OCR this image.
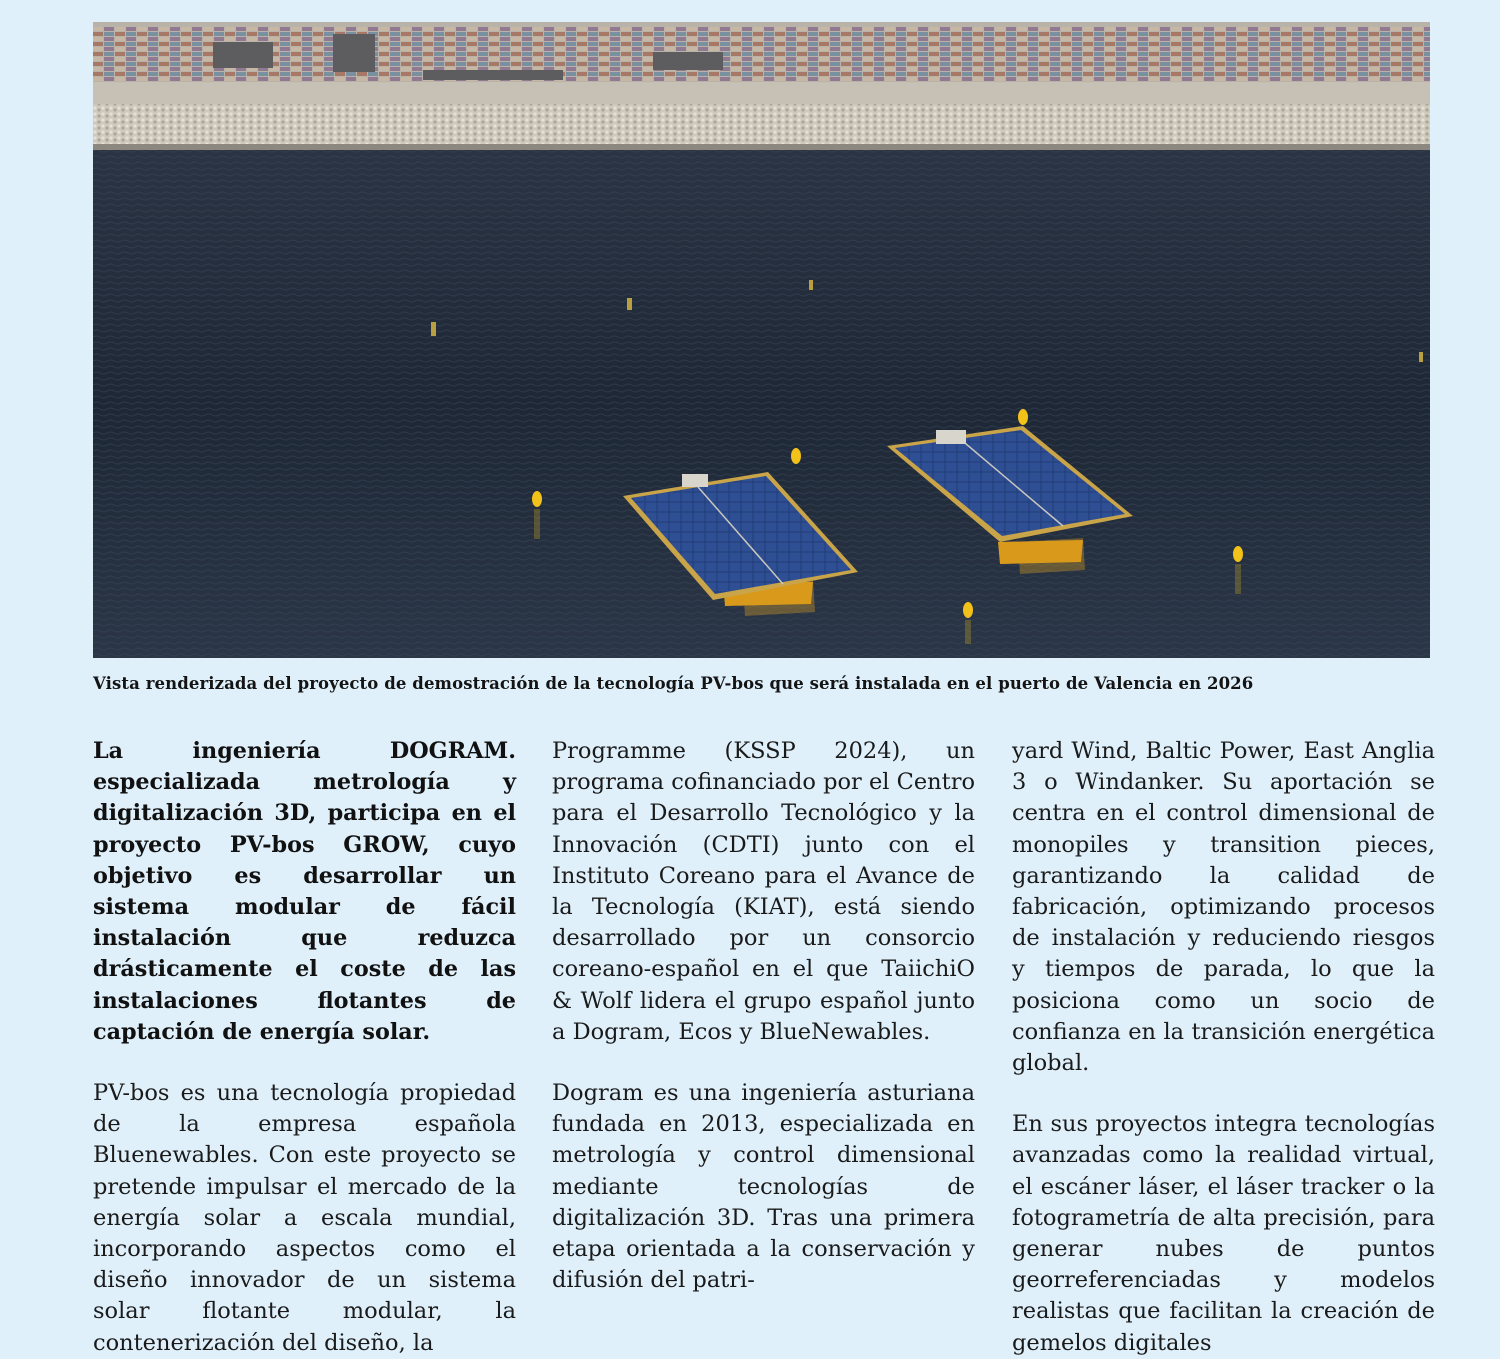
Vista renderizada del proyecto de demostración de la tecnología PV-bos que será instalada en el puerto de Valencia en 2026

La ingeniería DOGRAM. especializada metrología y digitalización 3D, participa en el proyecto PV-bos GROW, cuyo objetivo es desarrollar un sistema modular de fácil instalación que reduzca drásticamente el coste de las instalaciones flotantes de captación de energía solar.

PV-bos es una tecnología propiedad de la empresa española Bluenewables. Con este proyecto se pretende impulsar el mercado de la energía solar a escala mundial, incorporando aspectos como el diseño innovador de un sistema solar flotante modular, la contenerización del diseño, la

Programme (KSSP 2024), un programa cofinanciado por el Centro para el Desarrollo Tecnológico y la Innovación (CDTI) junto con el Instituto Coreano para el Avance de la Tecnología (KIAT), está siendo desarrollado por un consorcio coreano-español en el que TaiichiO & Wolf lidera el grupo español junto a Dogram, Ecos y BlueNewables.

Dogram es una ingeniería asturiana fundada en 2013, especializada en metrología y control dimensional mediante tecnologías de digitalización 3D. Tras una primera etapa orientada a la conservación y difusión del patri-

yard Wind, Baltic Power, East Anglia 3 o Windanker. Su aportación se centra en el control dimensional de monopiles y transition pieces, garantizando la calidad de fabricación, optimizando procesos de instalación y reduciendo riesgos y tiempos de parada, lo que la posiciona como un socio de confianza en la transición energética global.

En sus proyectos integra tecnologías avanzadas como la realidad virtual, el escáner láser, el láser tracker o la fotogrametría de alta precisión, para generar nubes de puntos georreferenciadas y modelos realistas que facilitan la creación de gemelos digitales
